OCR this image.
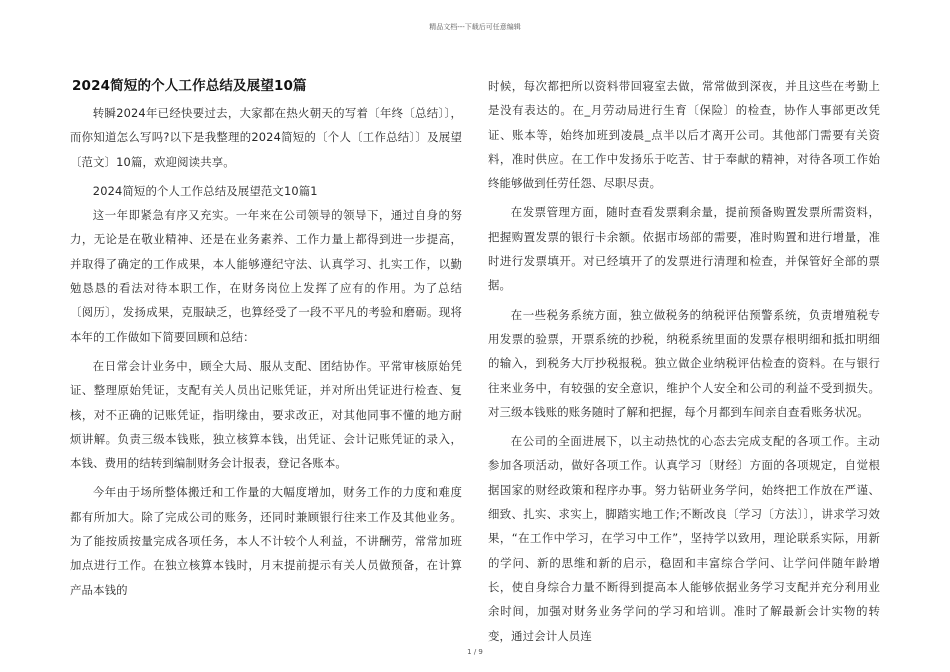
精品文档---下载后可任意编辑
2024简短的个人工作总结及展望10篇

转瞬2024年已经快要过去，大家都在热火朝天的写着〔年终〔总结〕〕，而你知道怎么写吗?以下是我整理的2024简短的〔个人〔工作总结〕〕及展望〔范文〕10篇，欢迎阅读共享。

2024简短的个人工作总结及展望范文10篇1

这一年即紧急有序又充实。一年来在公司领导的领导下，通过自身的努力，无论是在敬业精神、还是在业务素养、工作力量上都得到进一步提高，并取得了确定的工作成果，本人能够遵纪守法、认真学习、扎实工作，以勤勉恳恳的看法对待本职工作，在财务岗位上发挥了应有的作用。为了总结〔阅历〕，发扬成果，克服缺乏，也算经受了一段不平凡的考验和磨砺。现将本年的工作做如下简要回顾和总结：

在日常会计业务中，顾全大局、服从支配、团结协作。平常审核原始凭证、整理原始凭证，支配有关人员出记账凭证，并对所出凭证进行检查、复核，对不正确的记账凭证，指明缘由，要求改正，对其他同事不懂的地方耐烦讲解。负责三级本钱账，独立核算本钱，出凭证、会计记账凭证的录入，本钱、费用的结转到编制财务会计报表，登记各账本。

今年由于场所整体搬迁和工作量的大幅度增加，财务工作的力度和难度都有所加大。除了完成公司的账务，还同时兼顾银行往来工作及其他业务。为了能按质按量完成各项任务，本人不计较个人利益，不讲酬劳，常常加班加点进行工作。在独立核算本钱时，月末提前提示有关人员做预备，在计算产品本钱的

时候，每次都把所以资料带回寝室去做，常常做到深夜，并且这些在考勤上是没有表达的。在_月劳动局进行生育〔保险〕的检查，协作人事部更改凭证、账本等，始终加班到凌晨_点半以后才离开公司。其他部门需要有关资料，准时供应。在工作中发扬乐于吃苦、甘于奉献的精神，对待各项工作始终能够做到任劳任怨、尽职尽责。

在发票管理方面，随时查看发票剩余量，提前预备购置发票所需资料，把握购置发票的银行卡余额。依据市场部的需要，准时购置和进行增量，准时进行发票填开。对已经填开了的发票进行清理和检查，并保管好全部的票据。

在一些税务系统方面，独立做税务的纳税评估预警系统，负责增殖税专用发票的验票，开票系统的抄税，纳税系统里面的发票存根明细和抵扣明细的输入，到税务大厅抄税报税。独立做企业纳税评估检查的资料。在与银行往来业务中，有较强的安全意识，维护个人安全和公司的利益不受到损失。对三级本钱账的账务随时了解和把握，每个月都到车间亲自查看账务状况。

在公司的全面进展下，以主动热忱的心态去完成支配的各项工作。主动参加各项活动，做好各项工作。认真学习〔财经〕方面的各项规定，自觉根据国家的财经政策和程序办事。努力钻研业务学问，始终把工作放在严谨、细致、扎实、求实上，脚踏实地工作;不断改良〔学习〔方法〕〕，讲求学习效果，“在工作中学习，在学习中工作”，坚持学以致用，理论联系实际，用新的学问、新的思维和新的启示，稳固和丰富综合学问、让学问伴随年龄增长，使自身综合力量不断得到提高本人能够依据业务学习支配并充分利用业余时间，加强对财务业务学问的学习和培训。准时了解最新会计实物的转变，通过会计人员连

1 / 9
